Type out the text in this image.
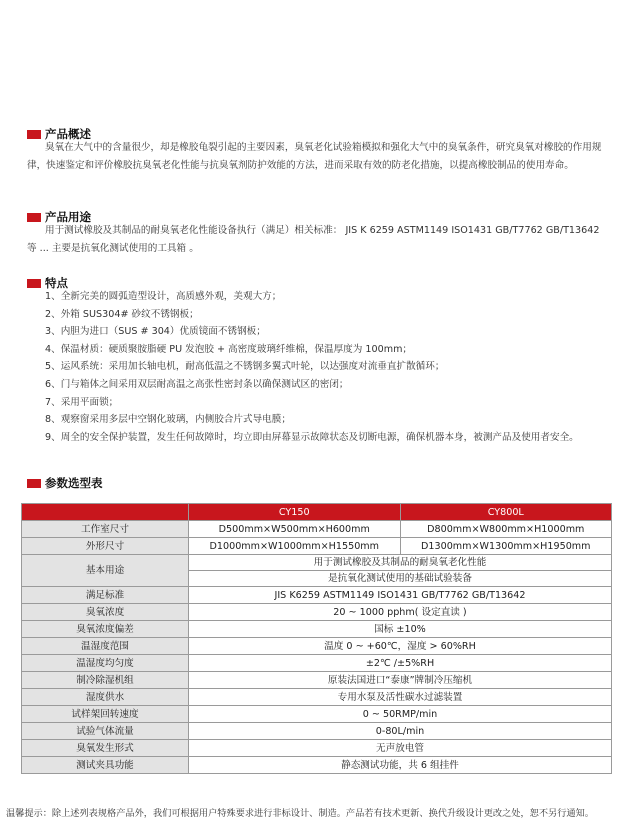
产品概述
臭氧在大气中的含量很少，却是橡胶龟裂引起的主要因素，臭氧老化试验箱模拟和强化大气中的臭氧条件，研究臭氧对橡胶的作用规律，快速鉴定和评价橡胶抗臭氧老化性能与抗臭氧剂防护效能的方法，进而采取有效的防老化措施，以提高橡胶制品的使用寿命。
产品用途
用于测试橡胶及其制品的耐臭氧老化性能设备执行（满足）相关标准： JIS K 6259 ASTM1149 ISO1431 GB/T7762 GB/T13642 等 ... 主要是抗氧化测试使用的工具箱 。
特点
1、全新完美的圆弧造型设计，高质感外观，美观大方；
2、外箱 SUS304# 砂纹不锈钢板；
3、内胆为进口（SUS # 304）优质镜面不锈钢板；
4、保温材质：硬质聚胺脂硬 PU 发泡胶 + 高密度玻璃纤维棉，保温厚度为 100mm；
5、运风系统：采用加长轴电机，耐高低温之不锈钢多翼式叶轮，以达强度对流垂直扩散循环；
6、门与箱体之间采用双层耐高温之高张性密封条以确保测试区的密闭；
7、采用平面锁；
8、观察窗采用多层中空钢化玻璃，内侧胶合片式导电膜；
9、周全的安全保护装置，发生任何故障时，均立即由屏幕显示故障状态及切断电源，确保机器本身，被测产品及使用者安全。
参数选型表
	CY150	CY800L
工作室尺寸	D500mm×W500mm×H600mm	D800mm×W800mm×H1000mm
外形尺寸	D1000mm×W1000mm×H1550mm	D1300mm×W1300mm×H1950mm
基本用途	用于测试橡胶及其制品的耐臭氧老化性能	
	是抗氧化测试使用的基础试验装备	
满足标准	JIS K6259 ASTM1149 ISO1431 GB/T7762 GB/T13642	
臭氧浓度	20 ~ 1000 pphm( 设定直读 )	
臭氧浓度偏差	国标 ±10%	
温湿度范围	温度 0 ~ +60℃，湿度 > 60%RH	
温湿度均匀度	±2℃ /±5%RH	
制冷除湿机组	原装法国进口“泰康”牌制冷压缩机	
湿度供水	专用水泵及活性碳水过滤装置	
试样架回转速度	0 ~ 50RMP/min	
试验气体流量	0-80L/min	
臭氧发生形式	无声放电管	
测试夹具功能	静态测试功能，共 6 组挂件	
温馨提示：除上述列表规格产品外，我们可根据用户特殊要求进行非标设计、制造。产品若有技术更新、换代升级设计更改之处，恕不另行通知。
